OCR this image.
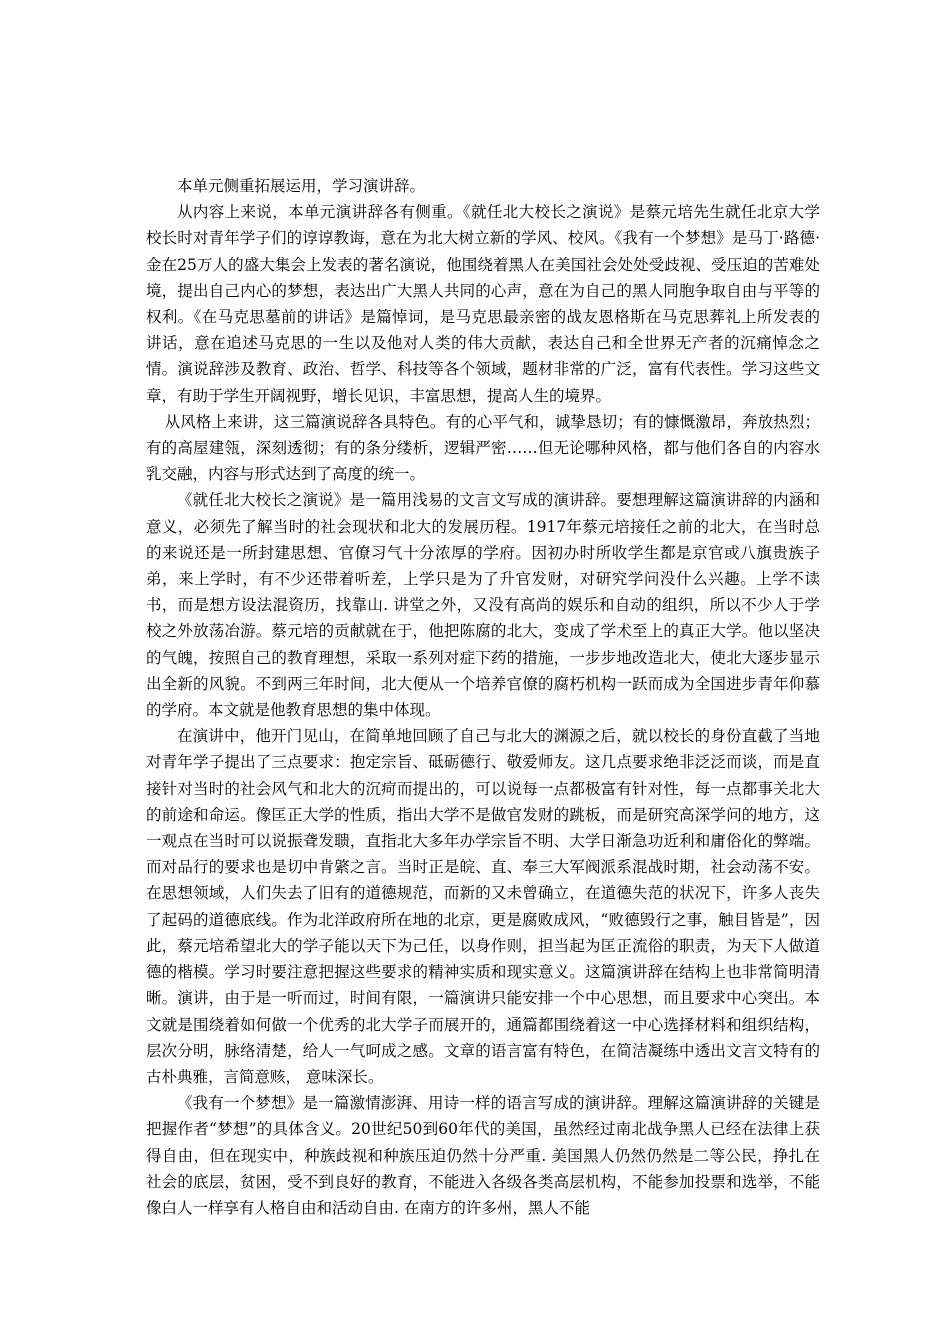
本单元侧重拓展运用，学习演讲辞。

从内容上来说，本单元演讲辞各有侧重。《就任北大校长之演说》是蔡元培先生就任北京大学校长时对青年学子们的谆谆教诲，意在为北大树立新的学风、校风。《我有一个梦想》是马丁·路德·金在25万人的盛大集会上发表的著名演说，他围绕着黑人在美国社会处处受歧视、受压迫的苦难处境，提出自己内心的梦想，表达出广大黑人共同的心声，意在为自己的黑人同胞争取自由与平等的权利。《在马克思墓前的讲话》是篇悼词，是马克思最亲密的战友恩格斯在马克思葬礼上所发表的讲话，意在追述马克思的一生以及他对人类的伟大贡献，表达自己和全世界无产者的沉痛悼念之情。演说辞涉及教育、政治、哲学、科技等各个领域，题材非常的广泛，富有代表性。学习这些文章，有助于学生开阔视野，增长见识，丰富思想，提高人生的境界。

从风格上来讲，这三篇演说辞各具特色。有的心平气和，诚挚恳切；有的慷慨激昂，奔放热烈；有的高屋建瓴，深刻透彻；有的条分缕析，逻辑严密……但无论哪种风格，都与他们各自的内容水乳交融，内容与形式达到了高度的统一。

《就任北大校长之演说》是一篇用浅易的文言文写成的演讲辞。要想理解这篇演讲辞的内涵和意义，必须先了解当时的社会现状和北大的发展历程。1917年蔡元培接任之前的北大，在当时总的来说还是一所封建思想、官僚习气十分浓厚的学府。因初办时所收学生都是京官或八旗贵族子弟，来上学时，有不少还带着听差，上学只是为了升官发财，对研究学问没什么兴趣。上学不读书，而是想方设法混资历，找靠山. 讲堂之外，又没有高尚的娱乐和自动的组织，所以不少人于学校之外放荡冶游。蔡元培的贡献就在于，他把陈腐的北大，变成了学术至上的真正大学。他以坚决的气魄，按照自己的教育理想，采取一系列对症下药的措施，一步步地改造北大，使北大逐步显示出全新的风貌。不到两三年时间，北大便从一个培养官僚的腐朽机构一跃而成为全国进步青年仰慕的学府。本文就是他教育思想的集中体现。

在演讲中，他开门见山，在简单地回顾了自己与北大的渊源之后，就以校长的身份直截了当地对青年学子提出了三点要求：抱定宗旨、砥砺德行、敬爱师友。这几点要求绝非泛泛而谈，而是直接针对当时的社会风气和北大的沉疴而提出的，可以说每一点都极富有针对性，每一点都事关北大的前途和命运。像匡正大学的性质，指出大学不是做官发财的跳板，而是研究高深学问的地方，这一观点在当时可以说振聋发聩，直指北大多年办学宗旨不明、大学日渐急功近利和庸俗化的弊端。而对品行的要求也是切中肯綮之言。当时正是皖、直、奉三大军阀派系混战时期，社会动荡不安。在思想领域，人们失去了旧有的道德规范，而新的又未曾确立，在道德失范的状况下，许多人丧失了起码的道德底线。作为北洋政府所在地的北京，更是腐败成风，“败德毁行之事，触目皆是”，因此，蔡元培希望北大的学子能以天下为己任，以身作则，担当起为匡正流俗的职责，为天下人做道德的楷模。学习时要注意把握这些要求的精神实质和现实意义。这篇演讲辞在结构上也非常简明清晰。演讲，由于是一听而过，时间有限，一篇演讲只能安排一个中心思想，而且要求中心突出。本文就是围绕着如何做一个优秀的北大学子而展开的，通篇都围绕着这一中心选择材料和组织结构，层次分明，脉络清楚，给人一气呵成之感。文章的语言富有特色，在简洁凝练中透出文言文特有的古朴典雅，言简意赅， 意味深长。

《我有一个梦想》是一篇激情澎湃、用诗一样的语言写成的演讲辞。理解这篇演讲辞的关键是把握作者“梦想”的具体含义。20世纪50到60年代的美国，虽然经过南北战争黑人已经在法律上获得自由，但在现实中，种族歧视和种族压迫仍然十分严重. 美国黑人仍然仍然是二等公民，挣扎在社会的底层，贫困，受不到良好的教育，不能进入各级各类高层机构，不能参加投票和选举，不能像白人一样享有人格自由和活动自由. 在南方的许多州，黑人不能
